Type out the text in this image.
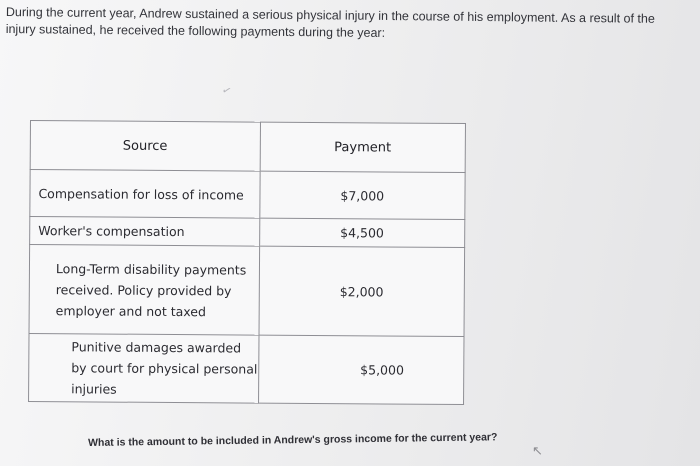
During the current year, Andrew sustained a serious physical injury in the course of his employment. As a result of the injury sustained, he received the following payments during the year:
✓
Source	Payment
Compensation for loss of income	$7,000
Worker's compensation	$4,500
Long-Term disability payments received. Policy provided by employer and not taxed	$2,000
Punitive damages awarded by court for physical personal injuries	$5,000
What is the amount to be included in Andrew's gross income for the current year?
↖
